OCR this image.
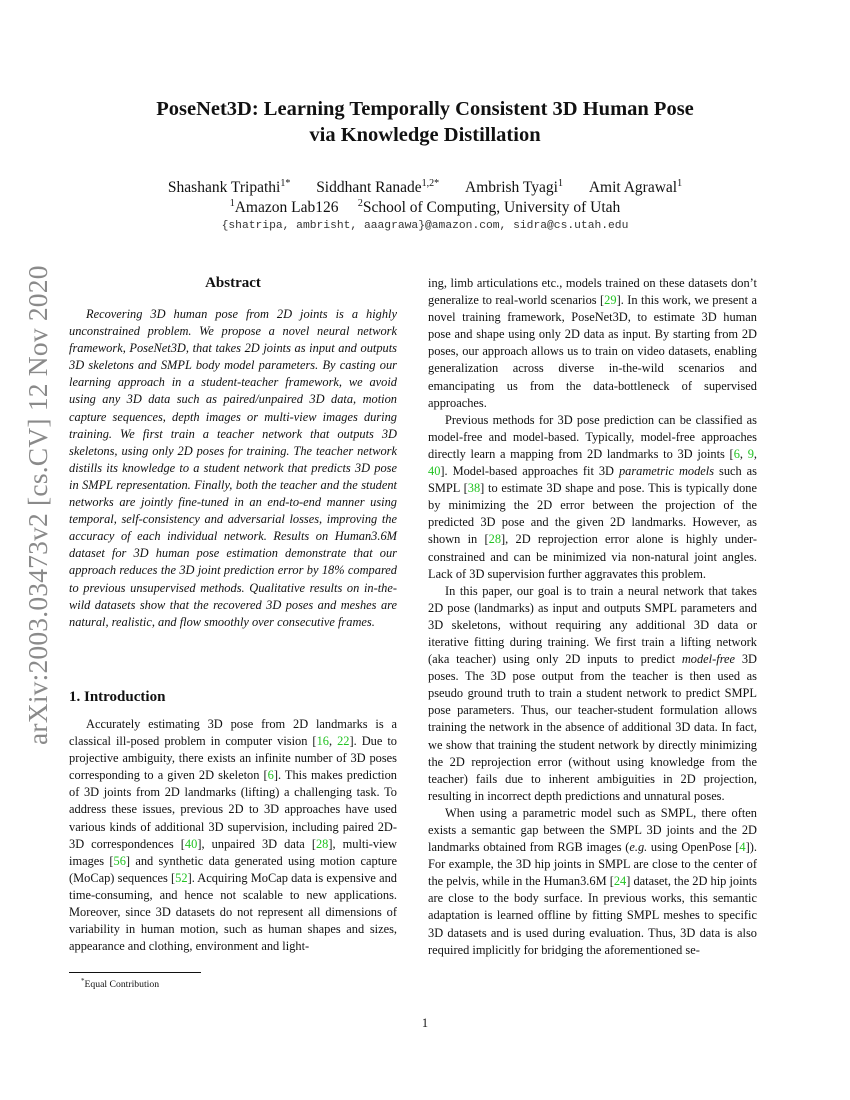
arXiv:2003.03473v2 [cs.CV] 12 Nov 2020
PoseNet3D: Learning Temporally Consistent 3D Human Pose
via Knowledge Distillation
Shashank Tripathi$^{1*}$ Siddhant Ranade$^{1,2*}$ Ambrish Tyagi$^1$ Amit Agrawal$^1$
$^1$Amazon Lab126 $^2$School of Computing, University of Utah
{shatripa, ambrisht, aaagrawa}@amazon.com, sidra@cs.utah.edu
Abstract

Recovering 3D human pose from 2D joints is a highly unconstrained problem. We propose a novel neural network framework, PoseNet3D, that takes 2D joints as input and outputs 3D skeletons and SMPL body model parameters. By casting our learning approach in a student-teacher framework, we avoid using any 3D data such as paired/unpaired 3D data, motion capture sequences, depth images or multi-view images during training. We first train a teacher network that outputs 3D skeletons, using only 2D poses for training. The teacher network distills its knowledge to a student network that predicts 3D pose in SMPL representation. Finally, both the teacher and the student networks are jointly fine-tuned in an end-to-end manner using temporal, self-consistency and adversarial losses, improving the accuracy of each individual network. Results on Human3.6M dataset for 3D human pose estimation demonstrate that our approach reduces the 3D joint prediction error by 18% compared to previous unsupervised methods. Qualitative results on in-the-wild datasets show that the recovered 3D poses and meshes are natural, realistic, and flow smoothly over consecutive frames.

1. Introduction

Accurately estimating 3D pose from 2D landmarks is a classical ill-posed problem in computer vision [16, 22]. Due to projective ambiguity, there exists an infinite number of 3D poses corresponding to a given 2D skeleton [6]. This makes prediction of 3D joints from 2D landmarks (lifting) a challenging task. To address these issues, previous 2D to 3D approaches have used various kinds of additional 3D supervision, including paired 2D-3D correspondences [40], unpaired 3D data [28], multi-view images [56] and synthetic data generated using motion capture (MoCap) sequences [52]. Acquiring MoCap data is expensive and time-consuming, and hence not scalable to new applications. Moreover, since 3D datasets do not represent all dimensions of variability in human motion, such as human shapes and sizes, appearance and clothing, environment and light-

ing, limb articulations etc., models trained on these datasets don’t generalize to real-world scenarios [29]. In this work, we present a novel training framework, PoseNet3D, to estimate 3D human pose and shape using only 2D data as input. By starting from 2D poses, our approach allows us to train on video datasets, enabling generalization across diverse in-the-wild scenarios and emancipating us from the data-bottleneck of supervised approaches.

Previous methods for 3D pose prediction can be classified as model-free and model-based. Typically, model-free approaches directly learn a mapping from 2D landmarks to 3D joints [6, 9, 40]. Model-based approaches fit 3D parametric models such as SMPL [38] to estimate 3D shape and pose. This is typically done by minimizing the 2D error between the projection of the predicted 3D pose and the given 2D landmarks. However, as shown in [28], 2D reprojection error alone is highly under-constrained and can be minimized via non-natural joint angles. Lack of 3D supervision further aggravates this problem.

In this paper, our goal is to train a neural network that takes 2D pose (landmarks) as input and outputs SMPL parameters and 3D skeletons, without requiring any additional 3D data or iterative fitting during training. We first train a lifting network (aka teacher) using only 2D inputs to predict model-free 3D poses. The 3D pose output from the teacher is then used as pseudo ground truth to train a student network to predict SMPL pose parameters. Thus, our teacher-student formulation allows training the network in the absence of additional 3D data. In fact, we show that training the student network by directly minimizing the 2D reprojection error (without using knowledge from the teacher) fails due to inherent ambiguities in 2D projection, resulting in incorrect depth predictions and unnatural poses.

When using a parametric model such as SMPL, there often exists a semantic gap between the SMPL 3D joints and the 2D landmarks obtained from RGB images (e.g. using OpenPose [4]). For example, the 3D hip joints in SMPL are close to the center of the pelvis, while in the Human3.6M [24] dataset, the 2D hip joints are close to the body surface. In previous works, this semantic adaptation is learned offline by fitting SMPL meshes to specific 3D datasets and is used during evaluation. Thus, 3D data is also required implicitly for bridging the aforementioned se-

*Equal Contribution
1
